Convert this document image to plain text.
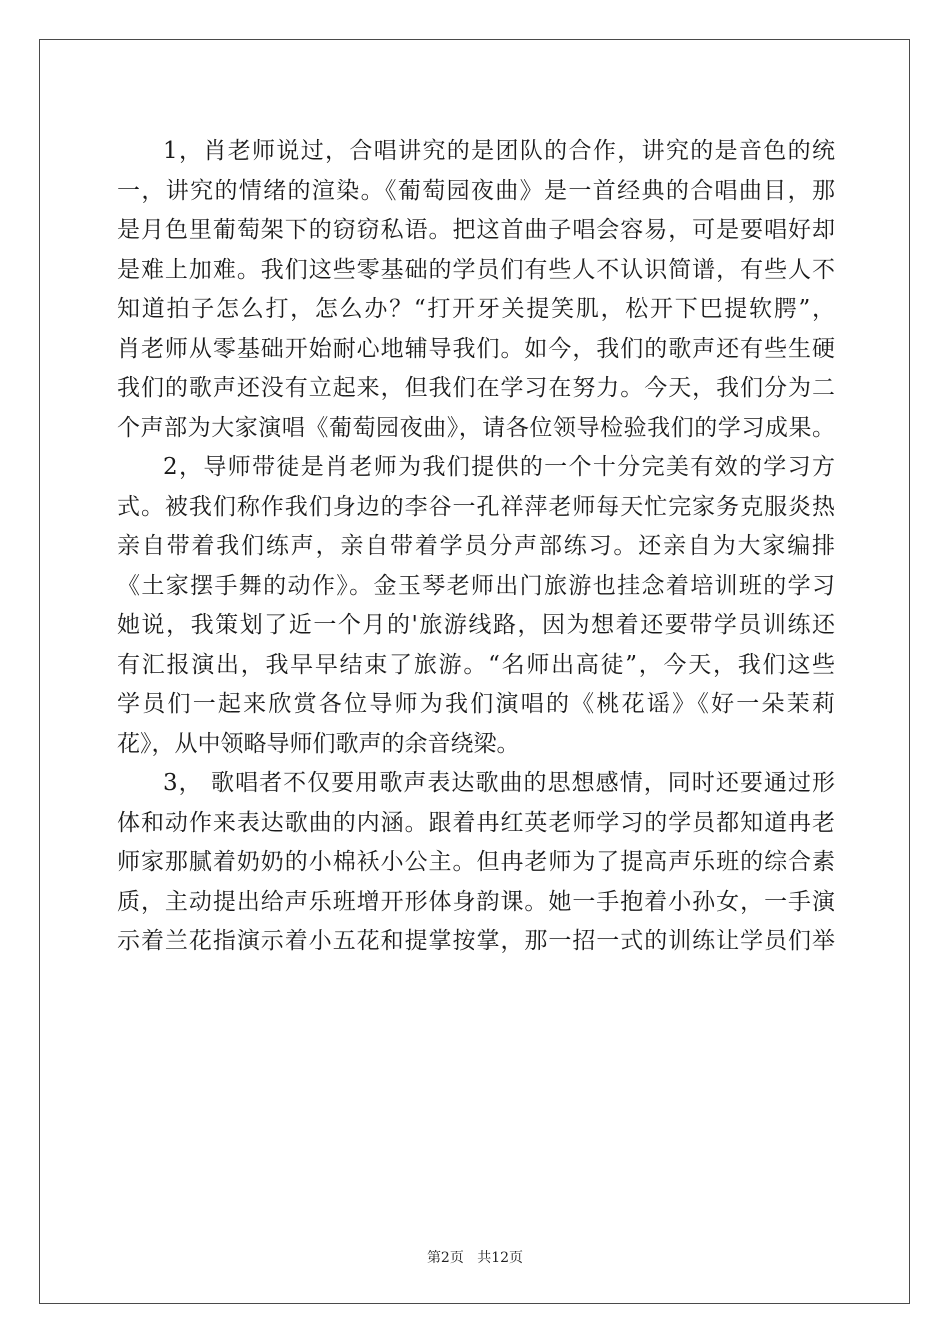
1，肖老师说过，合唱讲究的是团队的合作，讲究的是音色的统
一，讲究的情绪的渲染。《葡萄园夜曲》是一首经典的合唱曲目，那
是月色里葡萄架下的窃窃私语。把这首曲子唱会容易，可是要唱好却
是难上加难。我们这些零基础的学员们有些人不认识简谱，有些人不
知道拍子怎么打，怎么办？“打开牙关提笑肌，松开下巴提软腭”，
肖老师从零基础开始耐心地辅导我们。如今，我们的歌声还有些生硬
我们的歌声还没有立起来，但我们在学习在努力。今天，我们分为二
个声部为大家演唱《葡萄园夜曲》，请各位领导检验我们的学习成果。
2，导师带徒是肖老师为我们提供的一个十分完美有效的学习方
式。被我们称作我们身边的李谷一孔祥萍老师每天忙完家务克服炎热
亲自带着我们练声，亲自带着学员分声部练习。还亲自为大家编排
《土家摆手舞的动作》。金玉琴老师出门旅游也挂念着培训班的学习
她说，我策划了近一个月的'旅游线路，因为想着还要带学员训练还
有汇报演出，我早早结束了旅游。“名师出高徒”，今天，我们这些
学员们一起来欣赏各位导师为我们演唱的《桃花谣》《好一朵茉莉
花》，从中领略导师们歌声的余音绕梁。
3， 歌唱者不仅要用歌声表达歌曲的思想感情，同时还要通过形
体和动作来表达歌曲的内涵。跟着冉红英老师学习的学员都知道冉老
师家那腻着奶奶的小棉袄小公主。但冉老师为了提高声乐班的综合素
质，主动提出给声乐班增开形体身韵课。她一手抱着小孙女，一手演
示着兰花指演示着小五花和提掌按掌，那一招一式的训练让学员们举
第2页 共12页
